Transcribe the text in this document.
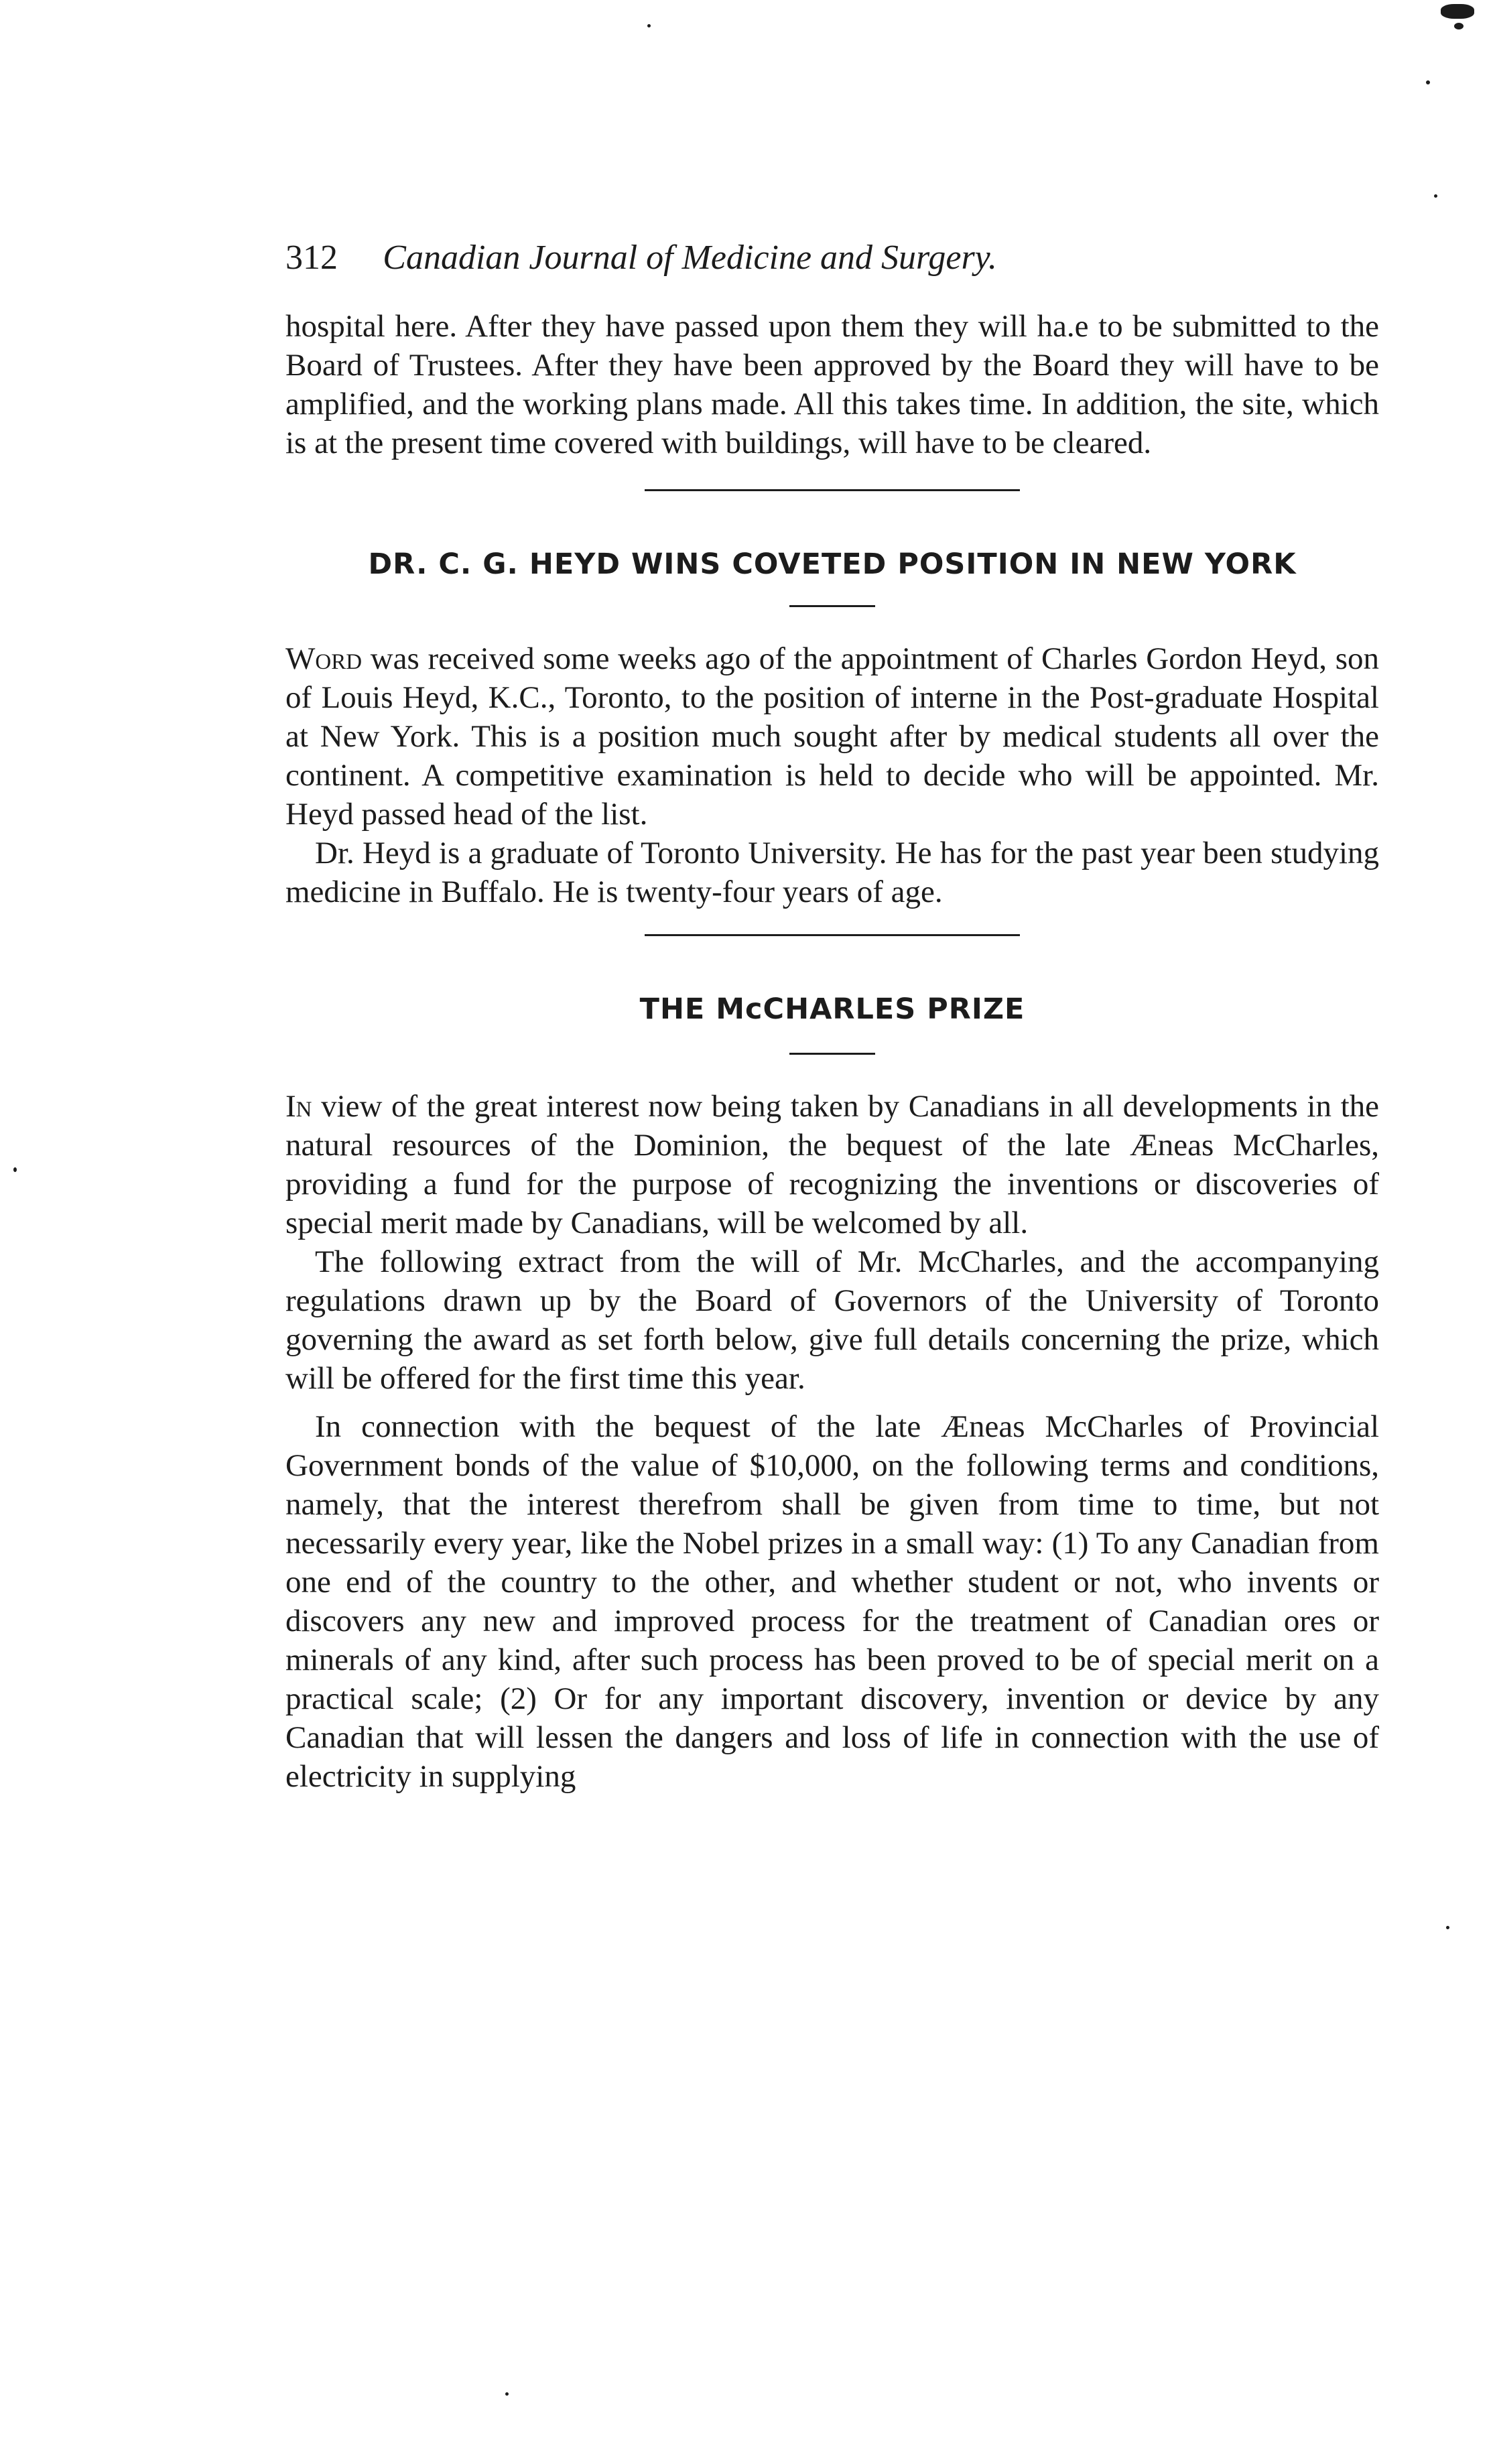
312 Canadian Journal of Medicine and Surgery.

hospital here. After they have passed upon them they will ha.e to be submitted to the Board of Trustees. After they have been approved by the Board they will have to be amplified, and the working plans made. All this takes time. In addition, the site, which is at the present time covered with buildings, will have to be cleared.

DR. C. G. HEYD WINS COVETED POSITION IN NEW YORK

Word was received some weeks ago of the appointment of Charles Gordon Heyd, son of Louis Heyd, K.C., Toronto, to the position of interne in the Post-graduate Hospital at New York. This is a position much sought after by medical students all over the continent. A competitive examination is held to decide who will be appointed. Mr. Heyd passed head of the list.

Dr. Heyd is a graduate of Toronto University. He has for the past year been studying medicine in Buffalo. He is twenty-four years of age.

THE McCHARLES PRIZE

In view of the great interest now being taken by Canadians in all developments in the natural resources of the Dominion, the bequest of the late Æneas McCharles, providing a fund for the purpose of recognizing the inventions or discoveries of special merit made by Canadians, will be welcomed by all.

The following extract from the will of Mr. McCharles, and the accompanying regulations drawn up by the Board of Governors of the University of Toronto governing the award as set forth below, give full details concerning the prize, which will be offered for the first time this year.

In connection with the bequest of the late Æneas McCharles of Provincial Government bonds of the value of $10,000, on the following terms and conditions, namely, that the interest therefrom shall be given from time to time, but not necessarily every year, like the Nobel prizes in a small way: (1) To any Canadian from one end of the country to the other, and whether student or not, who invents or discovers any new and improved process for the treatment of Canadian ores or minerals of any kind, after such process has been proved to be of special merit on a practical scale; (2) Or for any important discovery, invention or device by any Canadian that will lessen the dangers and loss of life in connection with the use of electricity in supplying
